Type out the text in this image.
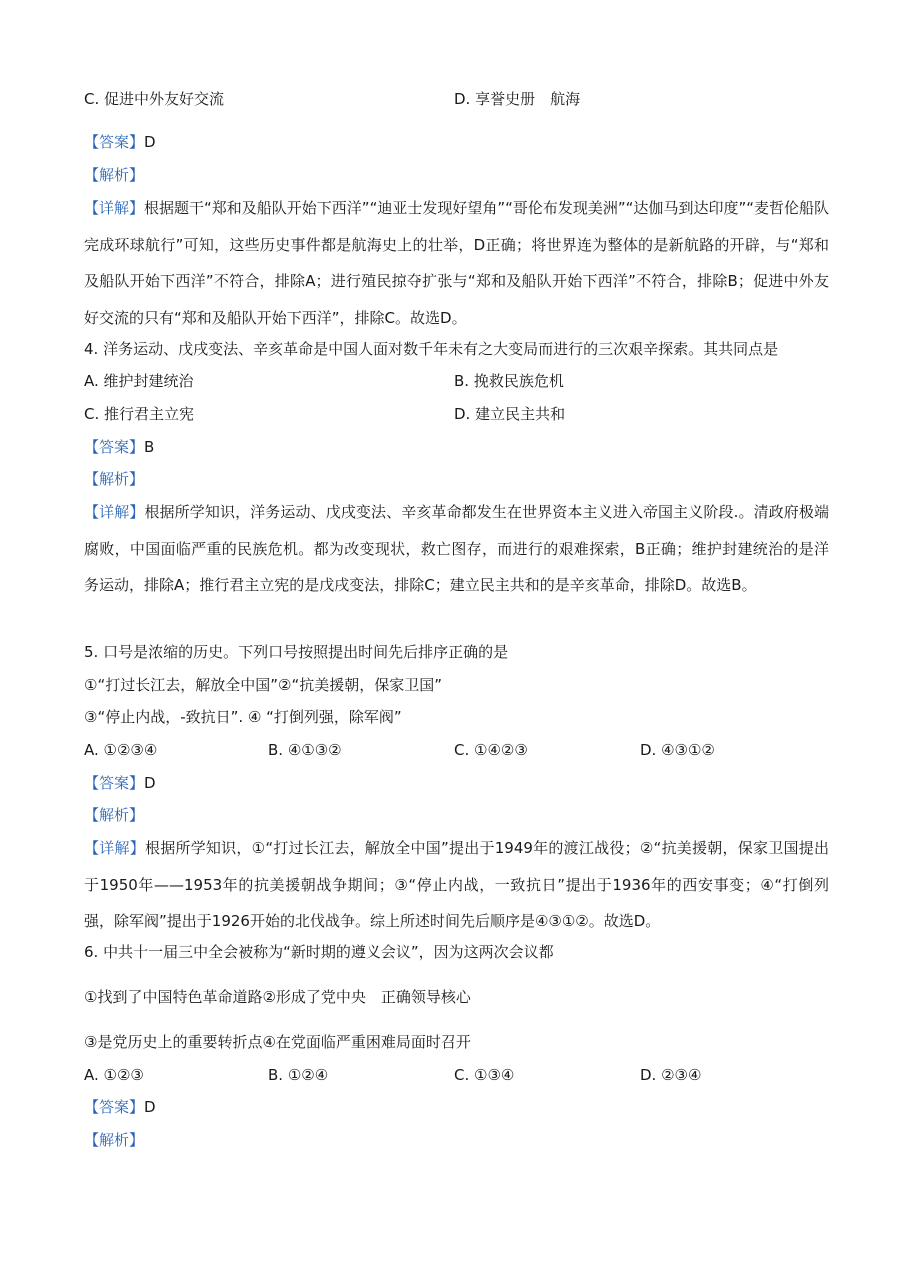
C. 促进中外友好交流	D. 享誉史册　航海
【答案】D
【解析】
【详解】根据题干“郑和及船队开始下西洋”“迪亚士发现好望角”“哥伦布发现美洲”“达伽马到达印度”“麦哲伦船队完成环球航行”可知，这些历史事件都是航海史上的壮举，D正确；将世界连为整体的是新航路的开辟，与“郑和及船队开始下西洋”不符合，排除A；进行殖民掠夺扩张与“郑和及船队开始下西洋”不符合，排除B；促进中外友好交流的只有“郑和及船队开始下西洋”，排除C。故选D。
4. 洋务运动、戊戌变法、辛亥革命是中国人面对数千年未有之大变局而进行的三次艰辛探索。其共同点是
A. 维护封建统治	B. 挽救民族危机
C. 推行君主立宪	D. 建立民主共和
【答案】B
【解析】
【详解】根据所学知识，洋务运动、戊戌变法、辛亥革命都发生在世界资本主义进入帝国主义阶段.。清政府极端腐败，中国面临严重的民族危机。都为改变现状，救亡图存，而进行的艰难探索，B正确；维护封建统治的是洋务运动，排除A；推行君主立宪的是戊戌变法，排除C；建立民主共和的是辛亥革命，排除D。故选B。
5. 口号是浓缩的历史。下列口号按照提出时间先后排序正确的是
①“打过长江去，解放全中国”②“抗美援朝，保家卫国”
③“停止内战，-致抗日”. ④ “打倒列强，除军阀”
A. ①②③④	B. ④①③②	C. ①④②③	D. ④③①②
【答案】D
【解析】
【详解】根据所学知识，①“打过长江去，解放全中国”提出于1949年的渡江战役；②“抗美援朝，保家卫国提出于1950年——1953年的抗美援朝战争期间；③“停止内战，一致抗日”提出于1936年的西安事变；④“打倒列强，除军阀”提出于1926开始的北伐战争。综上所述时间先后顺序是④③①②。故选D。
6. 中共十一届三中全会被称为“新时期的遵义会议”，因为这两次会议都
①找到了中国特色革命道路②形成了党中央　正确领导核心
③是党历史上的重要转折点④在党面临严重困难局面时召开
A. ①②③	B. ①②④	C. ①③④	D. ②③④
【答案】D
【解析】
